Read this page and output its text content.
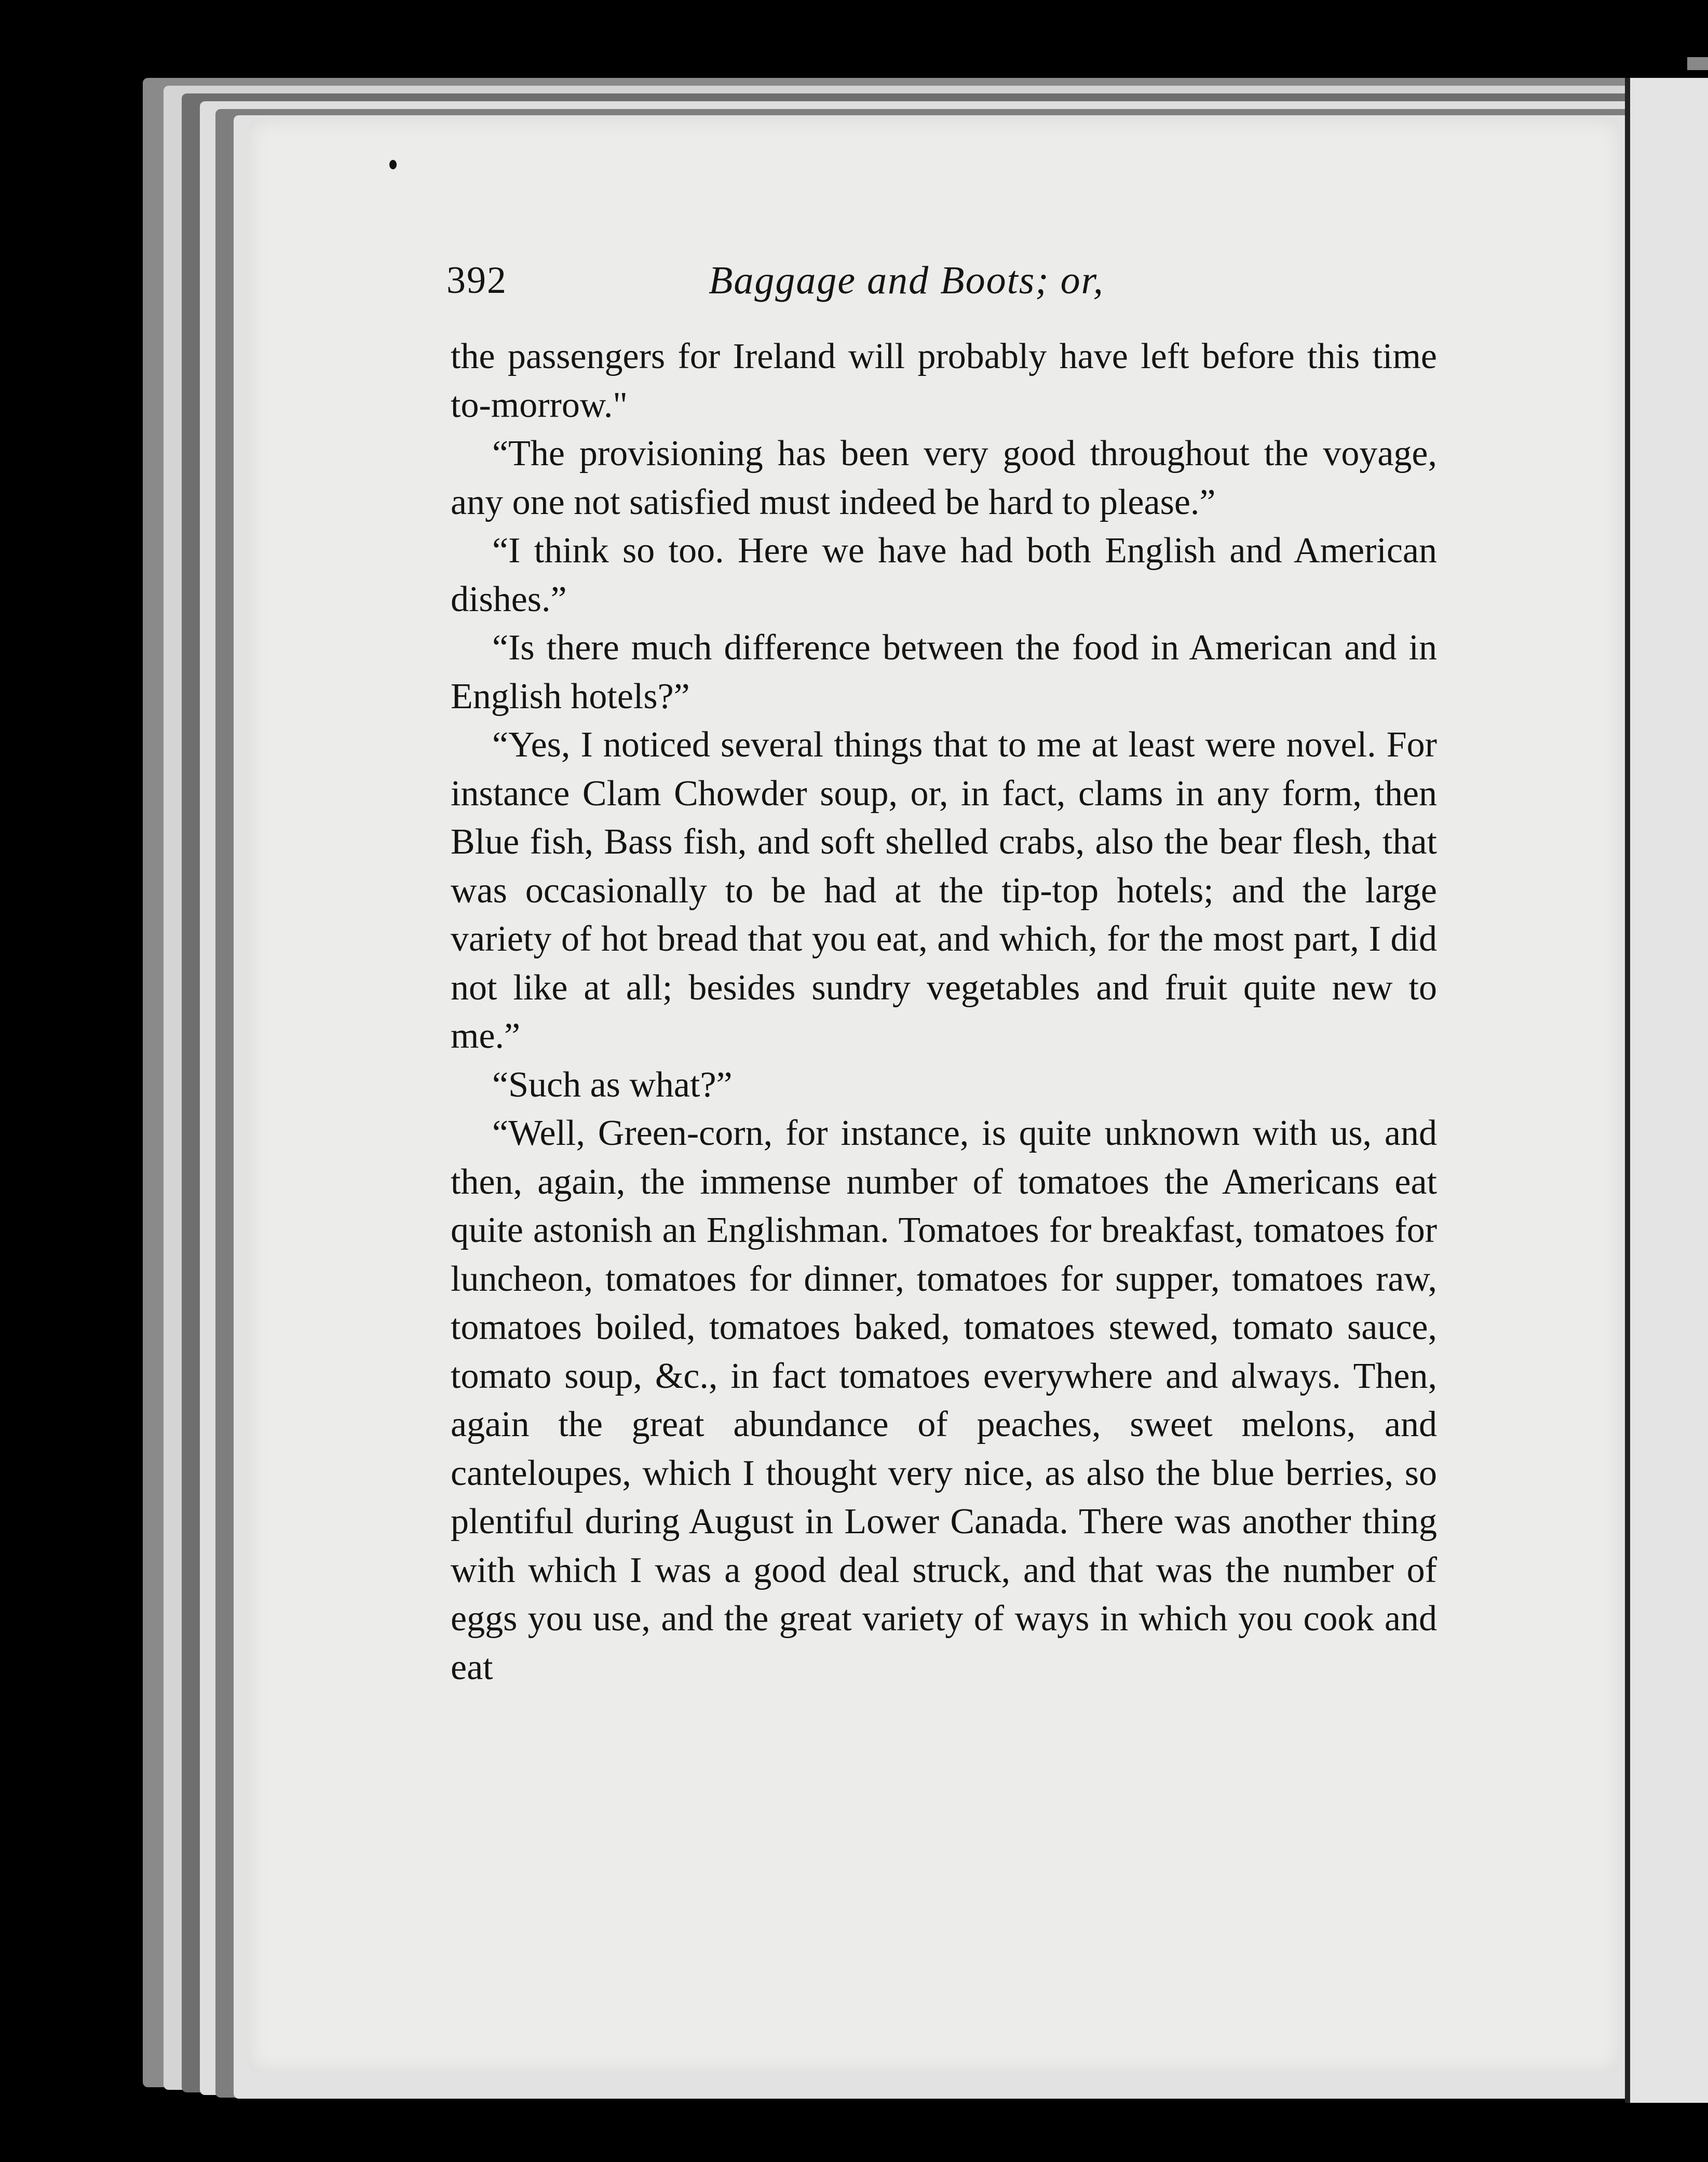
392	Baggage and Boots; or,

the passengers for Ireland will probably have left before this time to-morrow."

“The provisioning has been very good throughout the voyage, any one not satisfied must indeed be hard to please.”

“I think so too. Here we have had both English and American dishes.”

“Is there much difference between the food in American and in English hotels?”

“Yes, I noticed several things that to me at least were novel. For instance Clam Chowder soup, or, in fact, clams in any form, then Blue fish, Bass fish, and soft shelled crabs, also the bear flesh, that was occasionally to be had at the tip-top hotels; and the large variety of hot bread that you eat, and which, for the most part, I did not like at all; besides sundry vegetables and fruit quite new to me.”

“Such as what?”

“Well, Green-corn, for instance, is quite unknown with us, and then, again, the immense number of tomatoes the Americans eat quite astonish an Englishman. Tomatoes for breakfast, tomatoes for luncheon, tomatoes for dinner, tomatoes for supper, tomatoes raw, tomatoes boiled, tomatoes baked, tomatoes stewed, tomato sauce, tomato soup, &c., in fact tomatoes everywhere and always. Then, again the great abundance of peaches, sweet melons, and canteloupes, which I thought very nice, as also the blue berries, so plentiful during August in Lower Canada. There was another thing with which I was a good deal struck, and that was the number of eggs you use, and the great variety of ways in which you cook and eat
